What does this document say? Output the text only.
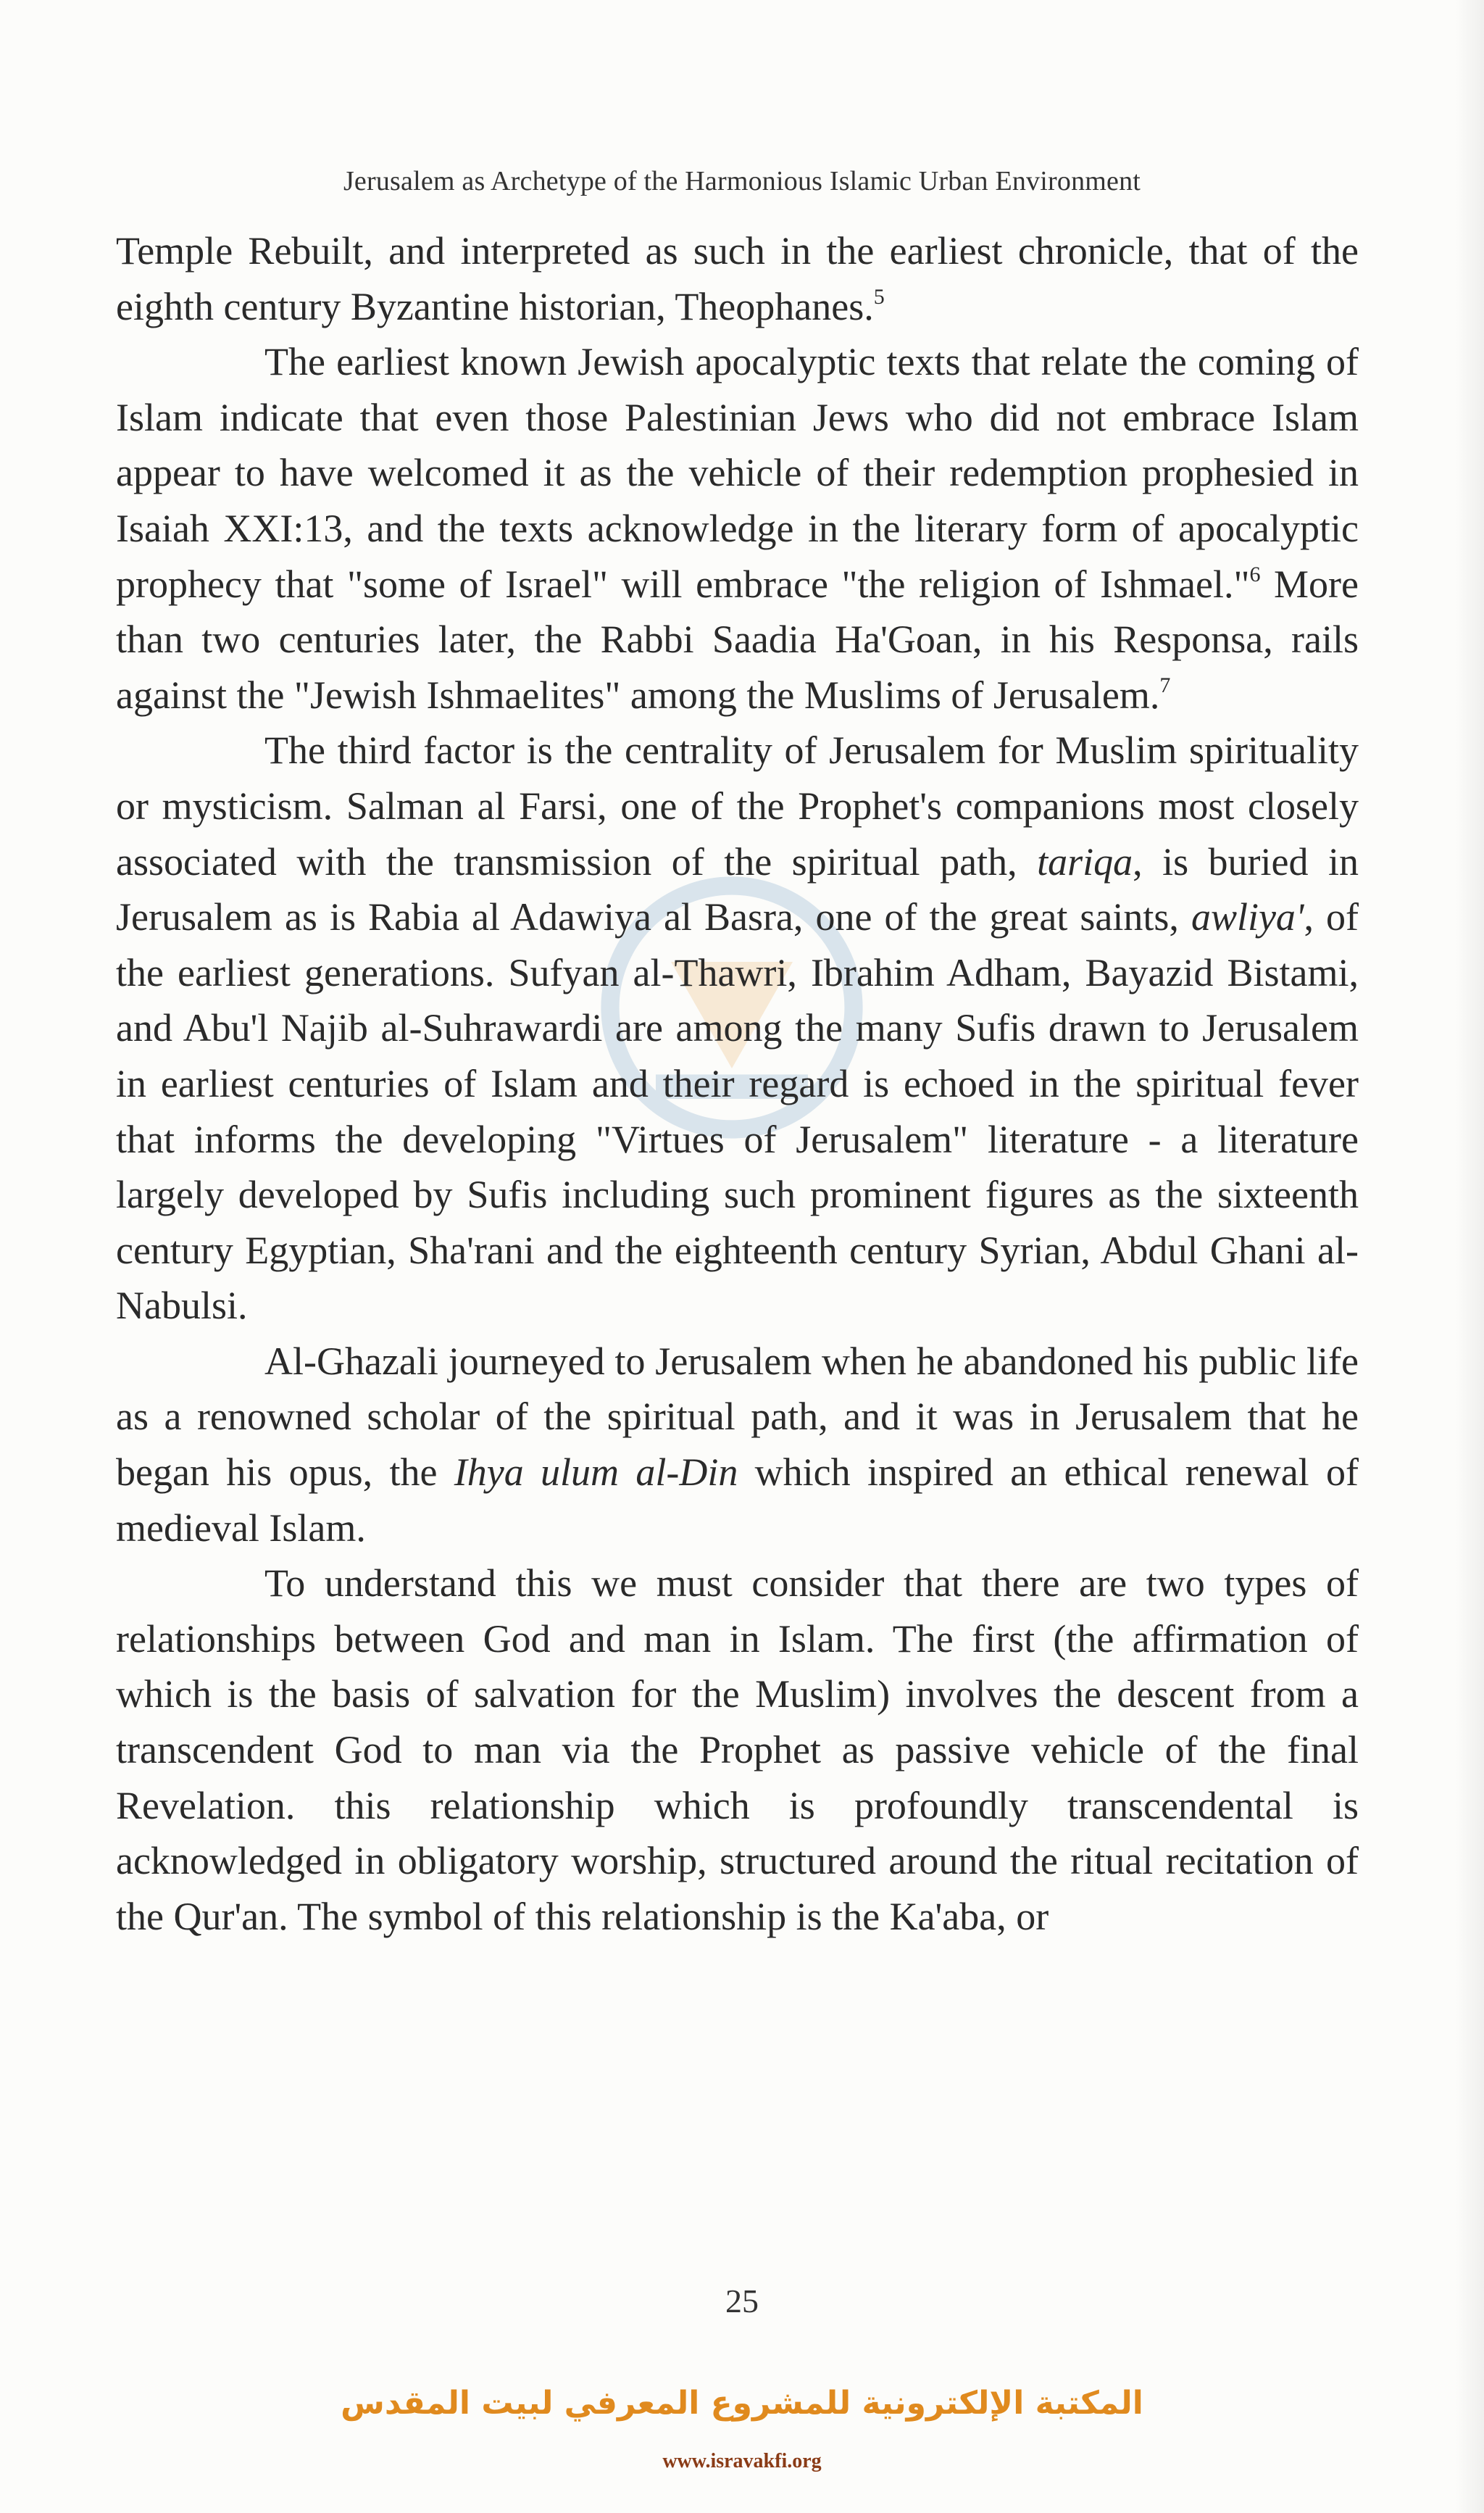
Jerusalem as Archetype of the Harmonious Islamic Urban Environment

Temple Rebuilt, and interpreted as such in the earliest chronicle, that of the eighth century Byzantine historian, Theophanes.$^5$

The earliest known Jewish apocalyptic texts that relate the coming of Islam indicate that even those Palestinian Jews who did not embrace Islam appear to have welcomed it as the vehicle of their redemption prophesied in Isaiah XXI:13, and the texts acknowledge in the literary form of apocalyptic prophecy that "some of Israel" will embrace "the religion of Ishmael."$^6$ More than two centuries later, the Rabbi Saadia Ha'Goan, in his Responsa, rails against the "Jewish Ishmaelites" among the Muslims of Jerusalem.$^7$

The third factor is the centrality of Jerusalem for Muslim spirituality or mysticism. Salman al Farsi, one of the Prophet's companions most closely associated with the transmission of the spiritual path, tariqa, is buried in Jerusalem as is Rabia al Adawiya al Basra, one of the great saints, awliya', of the earliest generations. Sufyan al-Thawri, Ibrahim Adham, Bayazid Bistami, and Abu'l Najib al-Suhrawardi are among the many Sufis drawn to Jerusalem in earliest centuries of Islam and their regard is echoed in the spiritual fever that informs the developing "Virtues of Jerusalem" literature - a literature largely developed by Sufis including such prominent figures as the sixteenth century Egyptian, Sha'rani and the eighteenth century Syrian, Abdul Ghani al-Nabulsi.

Al-Ghazali journeyed to Jerusalem when he abandoned his public life as a renowned scholar of the spiritual path, and it was in Jerusalem that he began his opus, the Ihya ulum al-Din which inspired an ethical renewal of medieval Islam.

To understand this we must consider that there are two types of relationships between God and man in Islam. The first (the affirmation of which is the basis of salvation for the Muslim) involves the descent from a transcendent God to man via the Prophet as passive vehicle of the final Revelation. this relationship which is profoundly transcendental is acknowledged in obligatory worship, structured around the ritual recitation of the Qur'an. The symbol of this relationship is the Ka'aba, or

25
المكتبة الإلكترونية للمشروع المعرفي لبيت المقدس
www.isravakfi.org
